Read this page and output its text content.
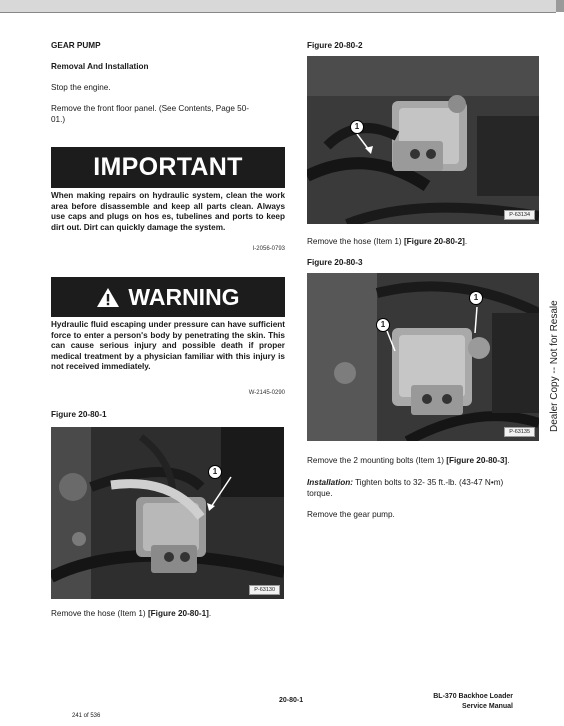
GEAR PUMP
Removal And Installation
Stop the engine.
Remove the front floor panel. (See Contents, Page 50-
01.)
IMPORTANT
When making repairs on hydraulic system, clean the work area before disassemble and keep all parts clean. Always use caps and plugs on hos es, tubelines and ports to keep dirt out. Dirt can quickly damage the system.
I-2056-0793
WARNING
Hydraulic fluid escaping under pressure can have sufficient force to enter a person's body by penetrating the skin. This can cause serious injury and possible death if proper medical treatment by a physician familiar with this injury is not received immediately.
W-2145-0290
Figure 20-80-1
1
P-63130
Remove the hose (Item 1) [Figure 20-80-1].
Figure 20-80-2
1
P-63134
Remove the hose (Item 1) [Figure 20-80-2].
Figure 20-80-3
1
1
P-63135
Remove the 2 mounting bolts (Item 1) [Figure 20-80-3].
Installation: Tighten bolts to 32- 35 ft.-lb. (43-47 N•m)
torque.
Remove the gear pump.
Dealer Copy -- Not for Resale
20-80-1
BL-370 Backhoe Loader
Service Manual
241 of 536
